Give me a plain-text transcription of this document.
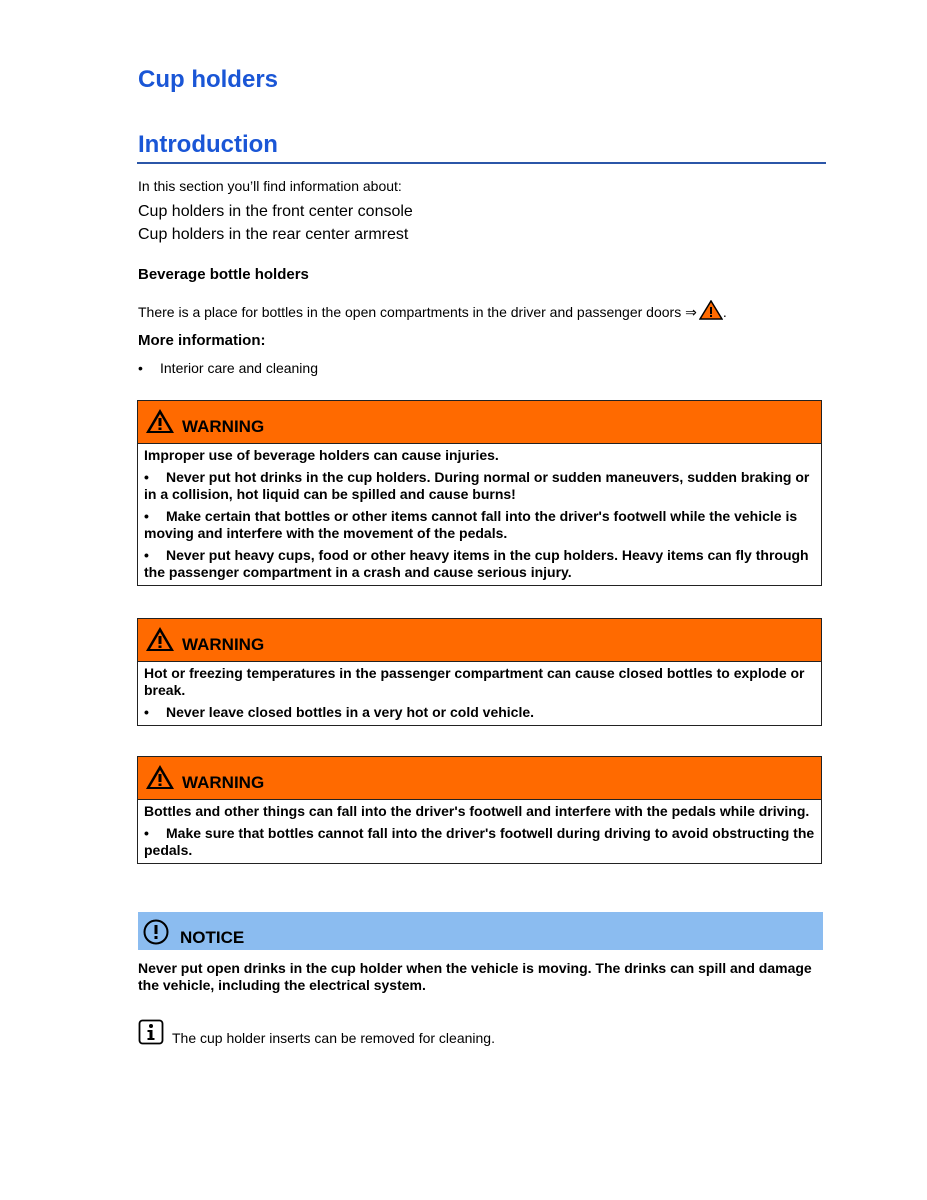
Cup holders
Introduction

In this section you’ll find information about:

Cup holders in the front center console

Cup holders in the rear center armrest

Beverage bottle holders

There is a place for bottles in the open compartments in the driver and passenger doors ⇒ .

More information:

• Interior care and cleaning
WARNING

Improper use of beverage holders can cause injuries.

• Never put hot drinks in the cup holders. During normal or sudden maneuvers, sudden braking or in a collision, hot liquid can be spilled and cause burns!

• Make certain that bottles or other items cannot fall into the driver's footwell while the vehicle is moving and interfere with the movement of the pedals.

• Never put heavy cups, food or other heavy items in the cup holders. Heavy items can fly through the passenger compartment in a crash and cause serious injury.

WARNING

Hot or freezing temperatures in the passenger compartment can cause closed bottles to explode or break.

• Never leave closed bottles in a very hot or cold vehicle.

WARNING

Bottles and other things can fall into the driver's footwell and interfere with the pedals while driving.

• Make sure that bottles cannot fall into the driver's footwell during driving to avoid obstructing the pedals.

NOTICE

Never put open drinks in the cup holder when the vehicle is moving. The drinks can spill and damage the vehicle, including the electrical system.

The cup holder inserts can be removed for cleaning.
